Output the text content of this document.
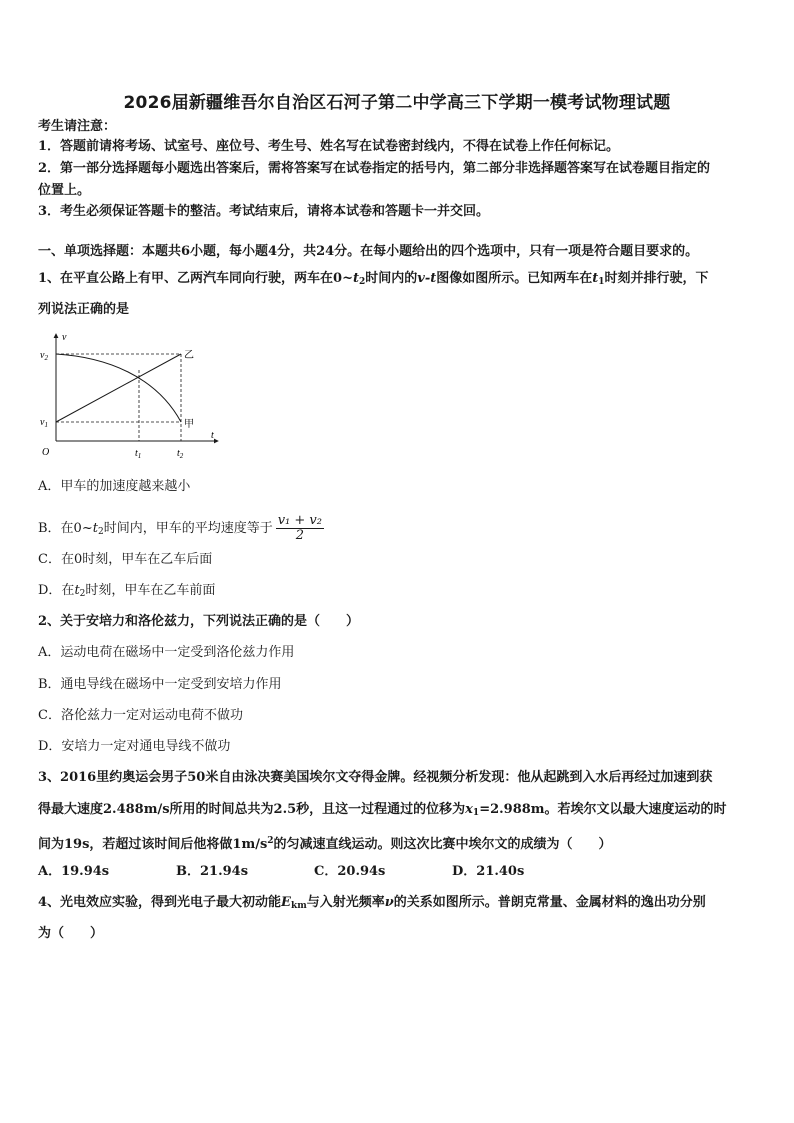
2026届新疆维吾尔自治区石河子第二中学高三下学期一模考试物理试题
考生请注意：
1．答题前请将考场、试室号、座位号、考生号、姓名写在试卷密封线内，不得在试卷上作任何标记。
2．第一部分选择题每小题选出答案后，需将答案写在试卷指定的括号内，第二部分非选择题答案写在试卷题目指定的
位置上。
3．考生必须保证答题卡的整洁。考试结束后，请将本试卷和答题卡一并交回。
一、单项选择题：本题共6小题，每小题4分，共24分。在每小题给出的四个选项中，只有一项是符合题目要求的。
1、在平直公路上有甲、乙两汽车同向行驶，两车在$0\sim t_2$时间内的v-t图像如图所示。已知两车在$t_1$时刻并排行驶，下
列说法正确的是
v
t
O
$v_2$
$v_1$
$t_1$	$t_2$
乙
甲
A．甲车的加速度越来越小
B．在$0\sim t_2$时间内，甲车的平均速度等于 $\frac{\text{v₁ + v₂}}{2}$
C．在0时刻，甲车在乙车后面
D．在$t_2$时刻，甲车在乙车前面
2、关于安培力和洛伦兹力，下列说法正确的是（　　）
A．运动电荷在磁场中一定受到洛伦兹力作用
B．通电导线在磁场中一定受到安培力作用
C．洛伦兹力一定对运动电荷不做功
D．安培力一定对通电导线不做功
3、2016里约奥运会男子50米自由泳决赛美国埃尔文夺得金牌。经视频分析发现：他从起跳到入水后再经过加速到获
得最大速度2.488m/s所用的时间总共为2.5秒，且这一过程通过的位移为$x_1=2.988m$。若埃尔文以最大速度运动的时
间为19s，若超过该时间后他将做$1m/s^2$的匀减速直线运动。则这次比赛中埃尔文的成绩为（　　）
A．19.94s	B．21.94s	C．20.94s	D．21.40s
4、光电效应实验，得到光电子最大初动能$E_{km}$与入射光频率ν的关系如图所示。普朗克常量、金属材料的逸出功分别
为（　　）
